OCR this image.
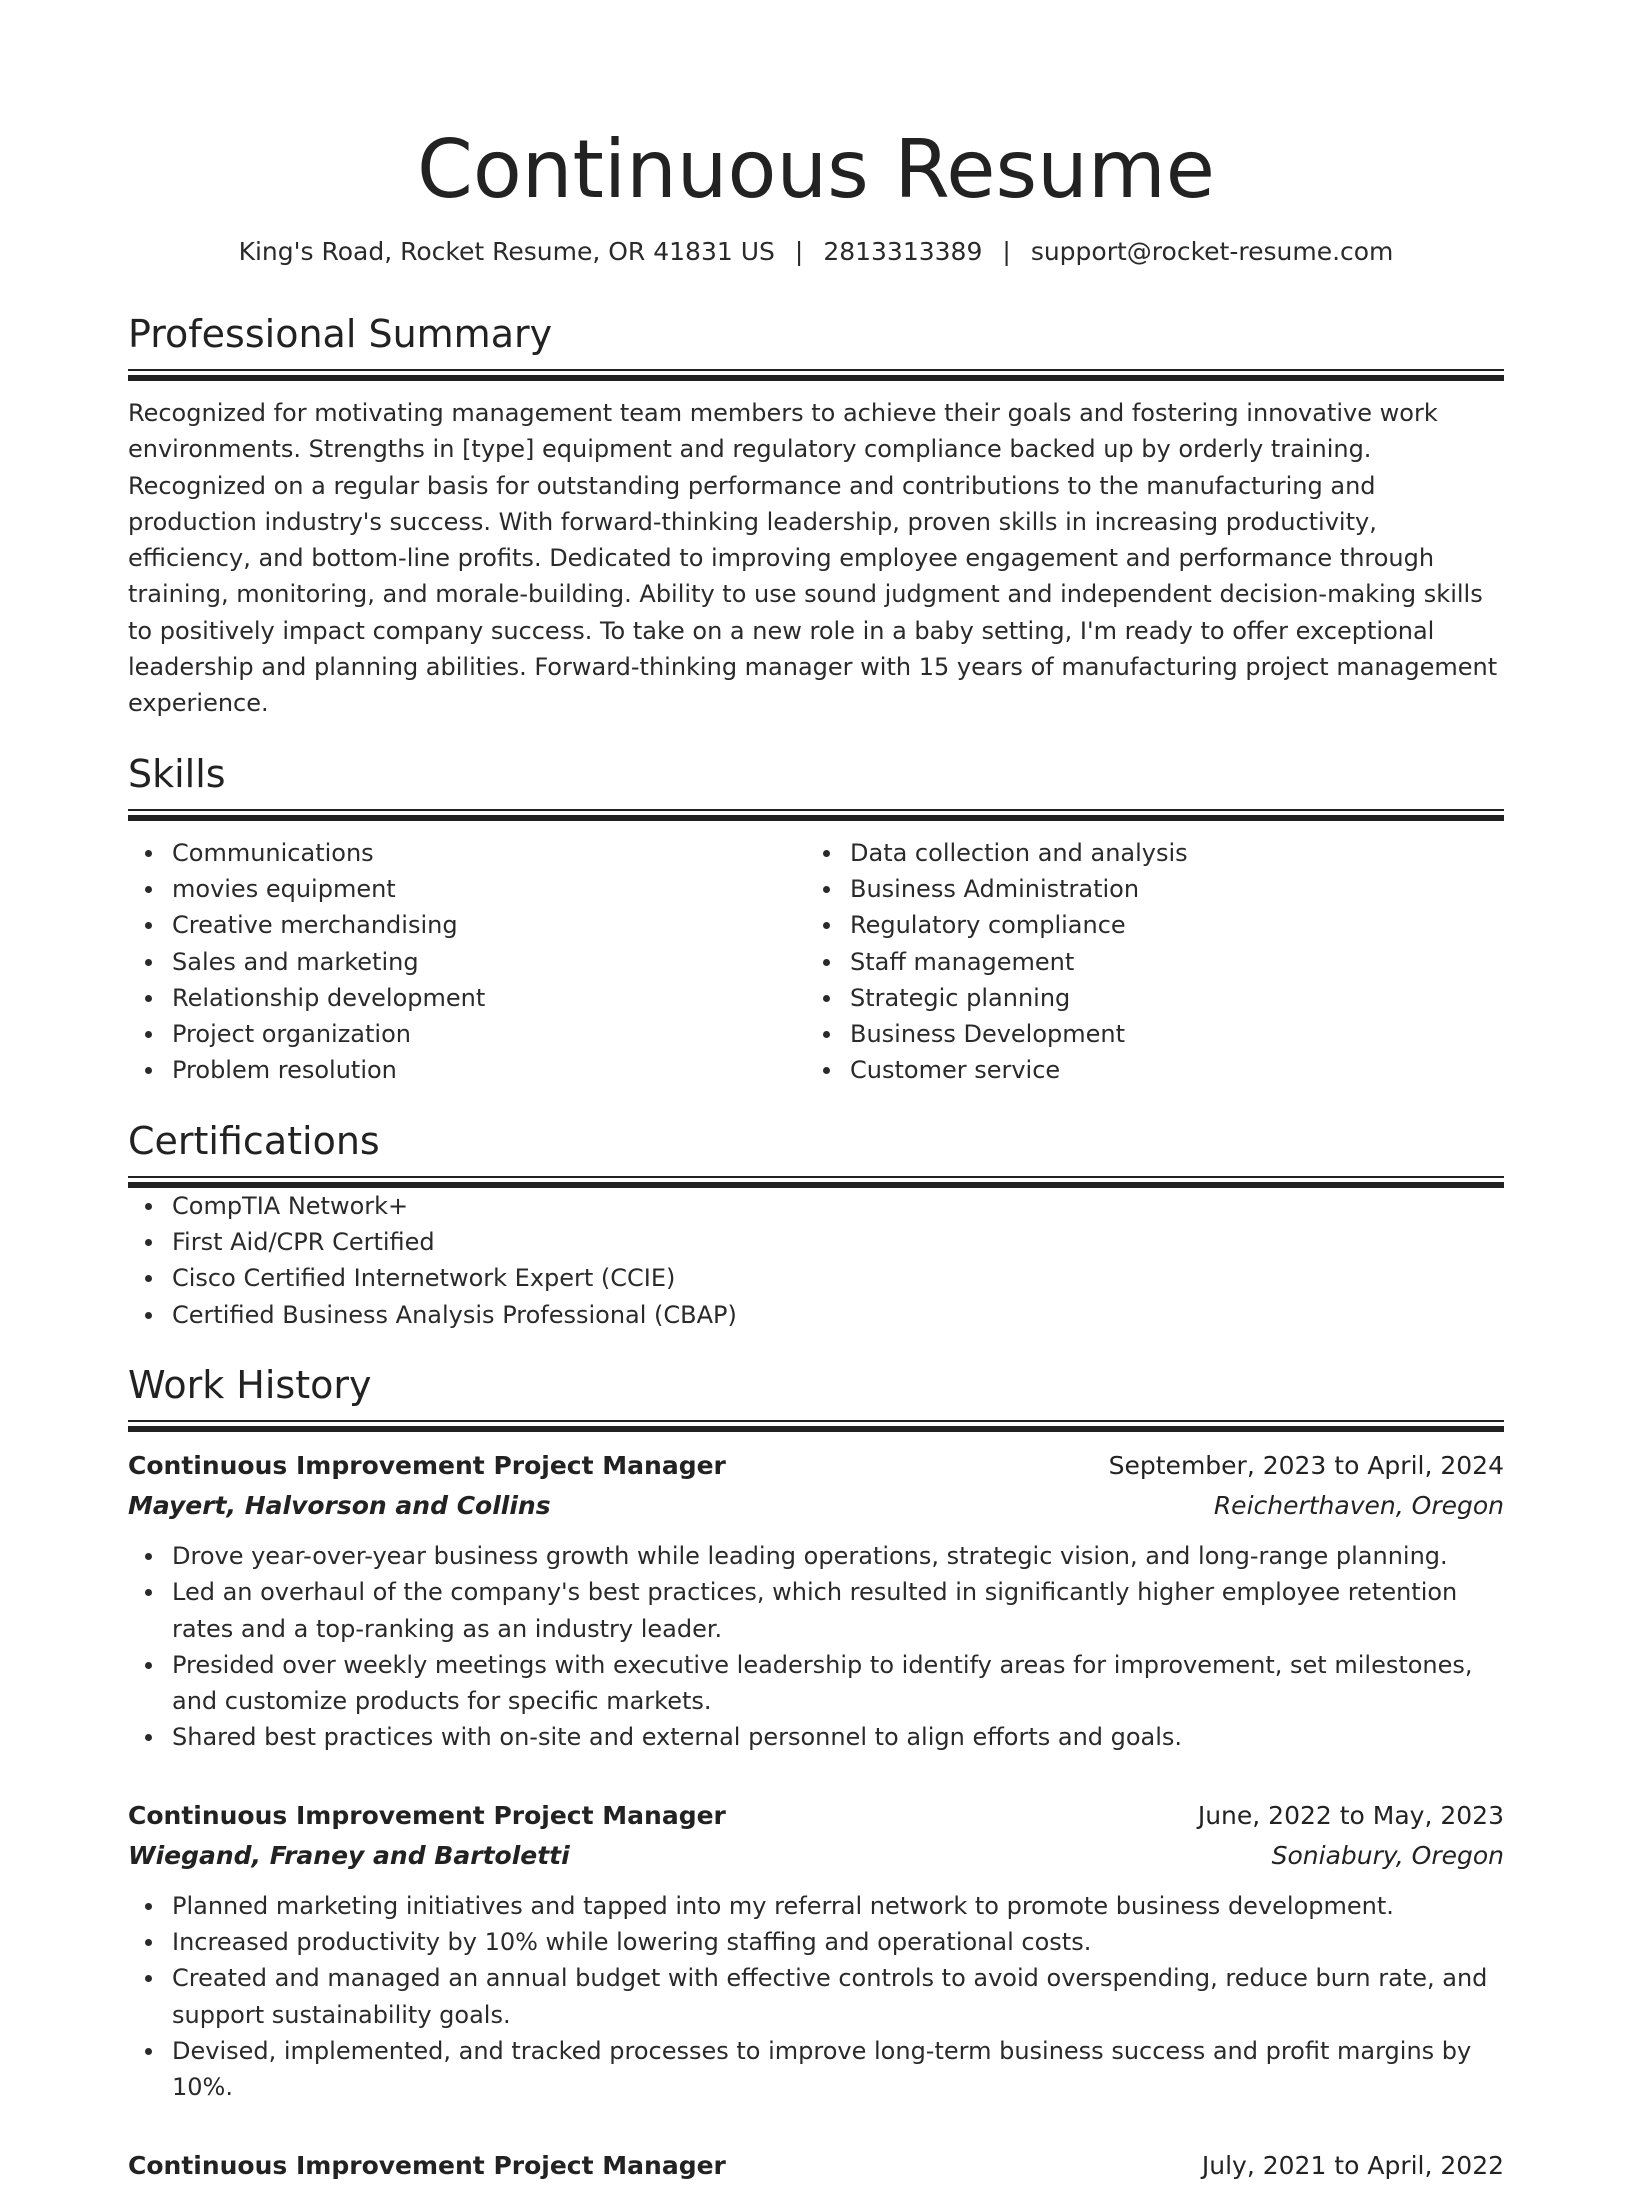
Continuous Resume
King's Road, Rocket Resume, OR 41831 US | 2813313389 | support@rocket-resume.com
Professional Summary
Recognized for motivating management team members to achieve their goals and fostering innovative work environments. Strengths in [type] equipment and regulatory compliance backed up by orderly training. Recognized on a regular basis for outstanding performance and contributions to the manufacturing and production industry's success. With forward-thinking leadership, proven skills in increasing productivity, efficiency, and bottom-line profits. Dedicated to improving employee engagement and performance through training, monitoring, and morale-building. Ability to use sound judgment and independent decision-making skills to positively impact company success. To take on a new role in a baby setting, I'm ready to offer exceptional leadership and planning abilities. Forward-thinking manager with 15 years of manufacturing project management experience.
Skills
Communications
movies equipment
Creative merchandising
Sales and marketing
Relationship development
Project organization
Problem resolution
Data collection and analysis
Business Administration
Regulatory compliance
Staff management
Strategic planning
Business Development
Customer service
Certifications
CompTIA Network+
First Aid/CPR Certified
Cisco Certified Internetwork Expert (CCIE)
Certified Business Analysis Professional (CBAP)
Work History
Continuous Improvement Project Manager	September, 2023 to April, 2024
Mayert, Halvorson and Collins	Reicherthaven, Oregon
Drove year-over-year business growth while leading operations, strategic vision, and long-range planning.
Led an overhaul of the company's best practices, which resulted in significantly higher employee retention rates and a top-ranking as an industry leader.
Presided over weekly meetings with executive leadership to identify areas for improvement, set milestones, and customize products for specific markets.
Shared best practices with on-site and external personnel to align efforts and goals.
Continuous Improvement Project Manager	June, 2022 to May, 2023
Wiegand, Franey and Bartoletti	Soniabury, Oregon
Planned marketing initiatives and tapped into my referral network to promote business development.
Increased productivity by 10% while lowering staffing and operational costs.
Created and managed an annual budget with effective controls to avoid overspending, reduce burn rate, and support sustainability goals.
Devised, implemented, and tracked processes to improve long-term business success and profit margins by 10%.
Continuous Improvement Project Manager	July, 2021 to April, 2022
